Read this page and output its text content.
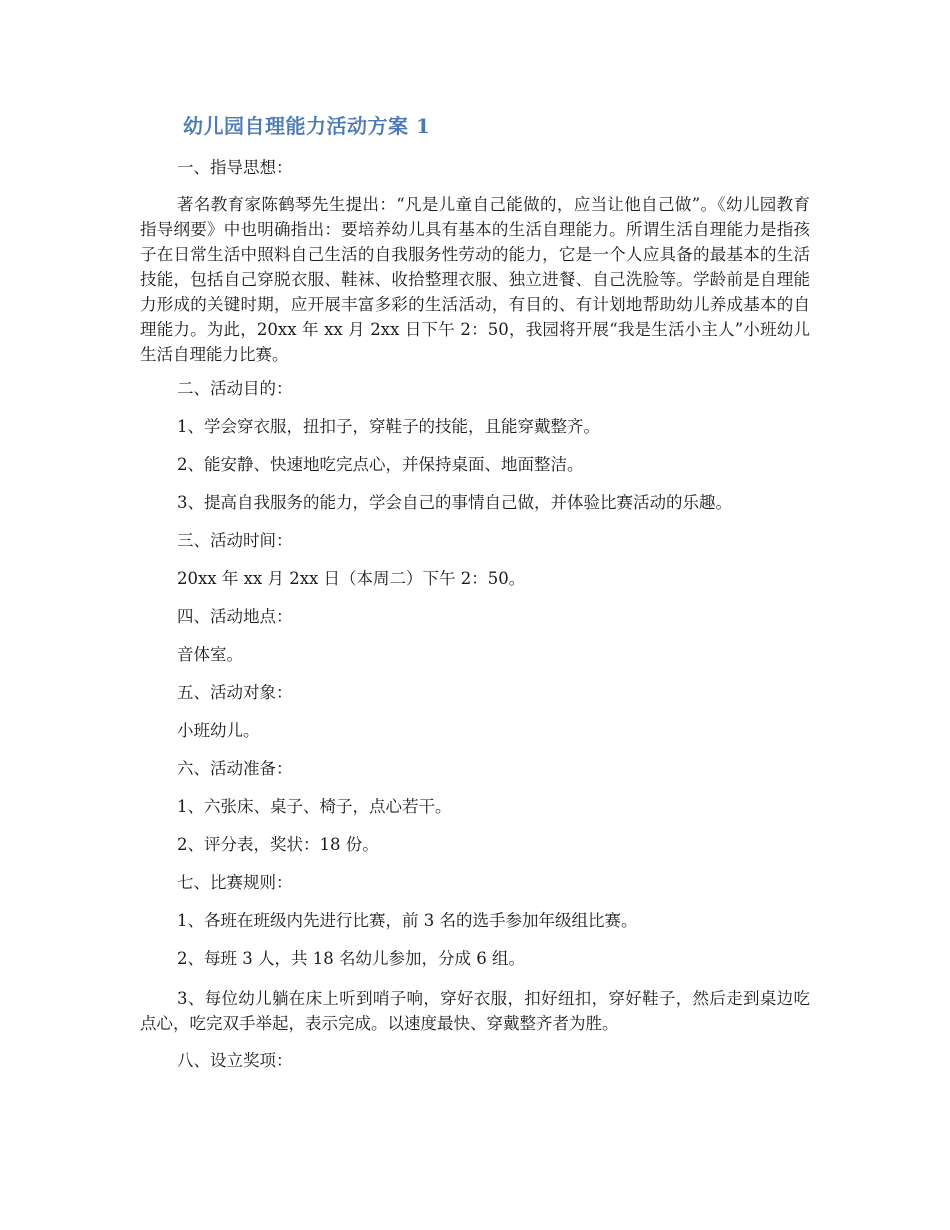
幼儿园自理能力活动方案 1
一、指导思想：
著名教育家陈鹤琴先生提出：“凡是儿童自己能做的，应当让他自己做”。《幼儿园教育指导纲要》中也明确指出：要培养幼儿具有基本的生活自理能力。所谓生活自理能力是指孩子在日常生活中照料自己生活的自我服务性劳动的能力，它是一个人应具备的最基本的生活技能，包括自己穿脱衣服、鞋袜、收拾整理衣服、独立进餐、自己洗脸等。学龄前是自理能力形成的关键时期，应开展丰富多彩的生活活动，有目的、有计划地帮助幼儿养成基本的自理能力。为此，20xx 年 xx 月 2xx 日下午 2：50，我园将开展“我是生活小主人”小班幼儿生活自理能力比赛。
二、活动目的：
1、学会穿衣服，扭扣子，穿鞋子的技能，且能穿戴整齐。
2、能安静、快速地吃完点心，并保持桌面、地面整洁。
3、提高自我服务的能力，学会自己的事情自己做，并体验比赛活动的乐趣。
三、活动时间：
20xx 年 xx 月 2xx 日（本周二）下午 2：50。
四、活动地点：
音体室。
五、活动对象：
小班幼儿。
六、活动准备：
1、六张床、桌子、椅子，点心若干。
2、评分表，奖状：18 份。
七、比赛规则：
1、各班在班级内先进行比赛，前 3 名的选手参加年级组比赛。
2、每班 3 人，共 18 名幼儿参加，分成 6 组。
3、每位幼儿躺在床上听到哨子响，穿好衣服，扣好纽扣，穿好鞋子，然后走到桌边吃点心，吃完双手举起，表示完成。以速度最快、穿戴整齐者为胜。
八、设立奖项：
